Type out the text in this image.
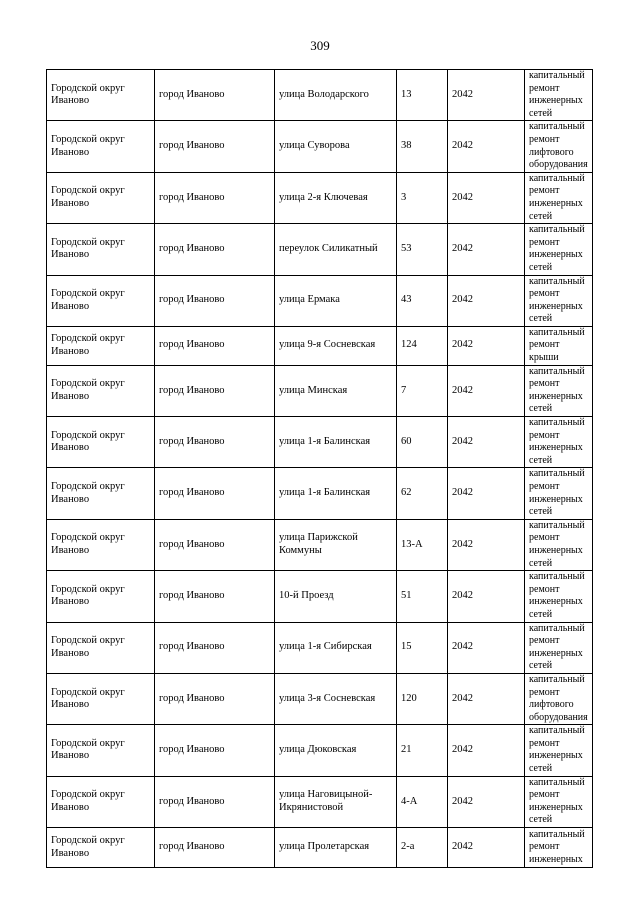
309
Городской округ Иваново	город Иваново	улица Володарского	13	2042	капитальный ремонт инженерных сетей
Городской округ Иваново	город Иваново	улица Суворова	38	2042	капитальный ремонт лифтового оборудования
Городской округ Иваново	город Иваново	улица 2-я Ключевая	3	2042	капитальный ремонт инженерных сетей
Городской округ Иваново	город Иваново	переулок Силикатный	53	2042	капитальный ремонт инженерных сетей
Городской округ Иваново	город Иваново	улица Ермака	43	2042	капитальный ремонт инженерных сетей
Городской округ Иваново	город Иваново	улица 9-я Сосневская	124	2042	капитальный ремонт крыши
Городской округ Иваново	город Иваново	улица Минская	7	2042	капитальный ремонт инженерных сетей
Городской округ Иваново	город Иваново	улица 1-я Балинская	60	2042	капитальный ремонт инженерных сетей
Городской округ Иваново	город Иваново	улица 1-я Балинская	62	2042	капитальный ремонт инженерных сетей
Городской округ Иваново	город Иваново	улица Парижской Коммуны	13-А	2042	капитальный ремонт инженерных сетей
Городской округ Иваново	город Иваново	10-й Проезд	51	2042	капитальный ремонт инженерных сетей
Городской округ Иваново	город Иваново	улица 1-я Сибирская	15	2042	капитальный ремонт инженерных сетей
Городской округ Иваново	город Иваново	улица 3-я Сосневская	120	2042	капитальный ремонт лифтового оборудования
Городской округ Иваново	город Иваново	улица Дюковская	21	2042	капитальный ремонт инженерных сетей
Городской округ Иваново	город Иваново	улица Наговицыной-Икрянистовой	4-А	2042	капитальный ремонт инженерных сетей
Городской округ Иваново	город Иваново	улица Пролетарская	2-а	2042	капитальный ремонт инженерных
